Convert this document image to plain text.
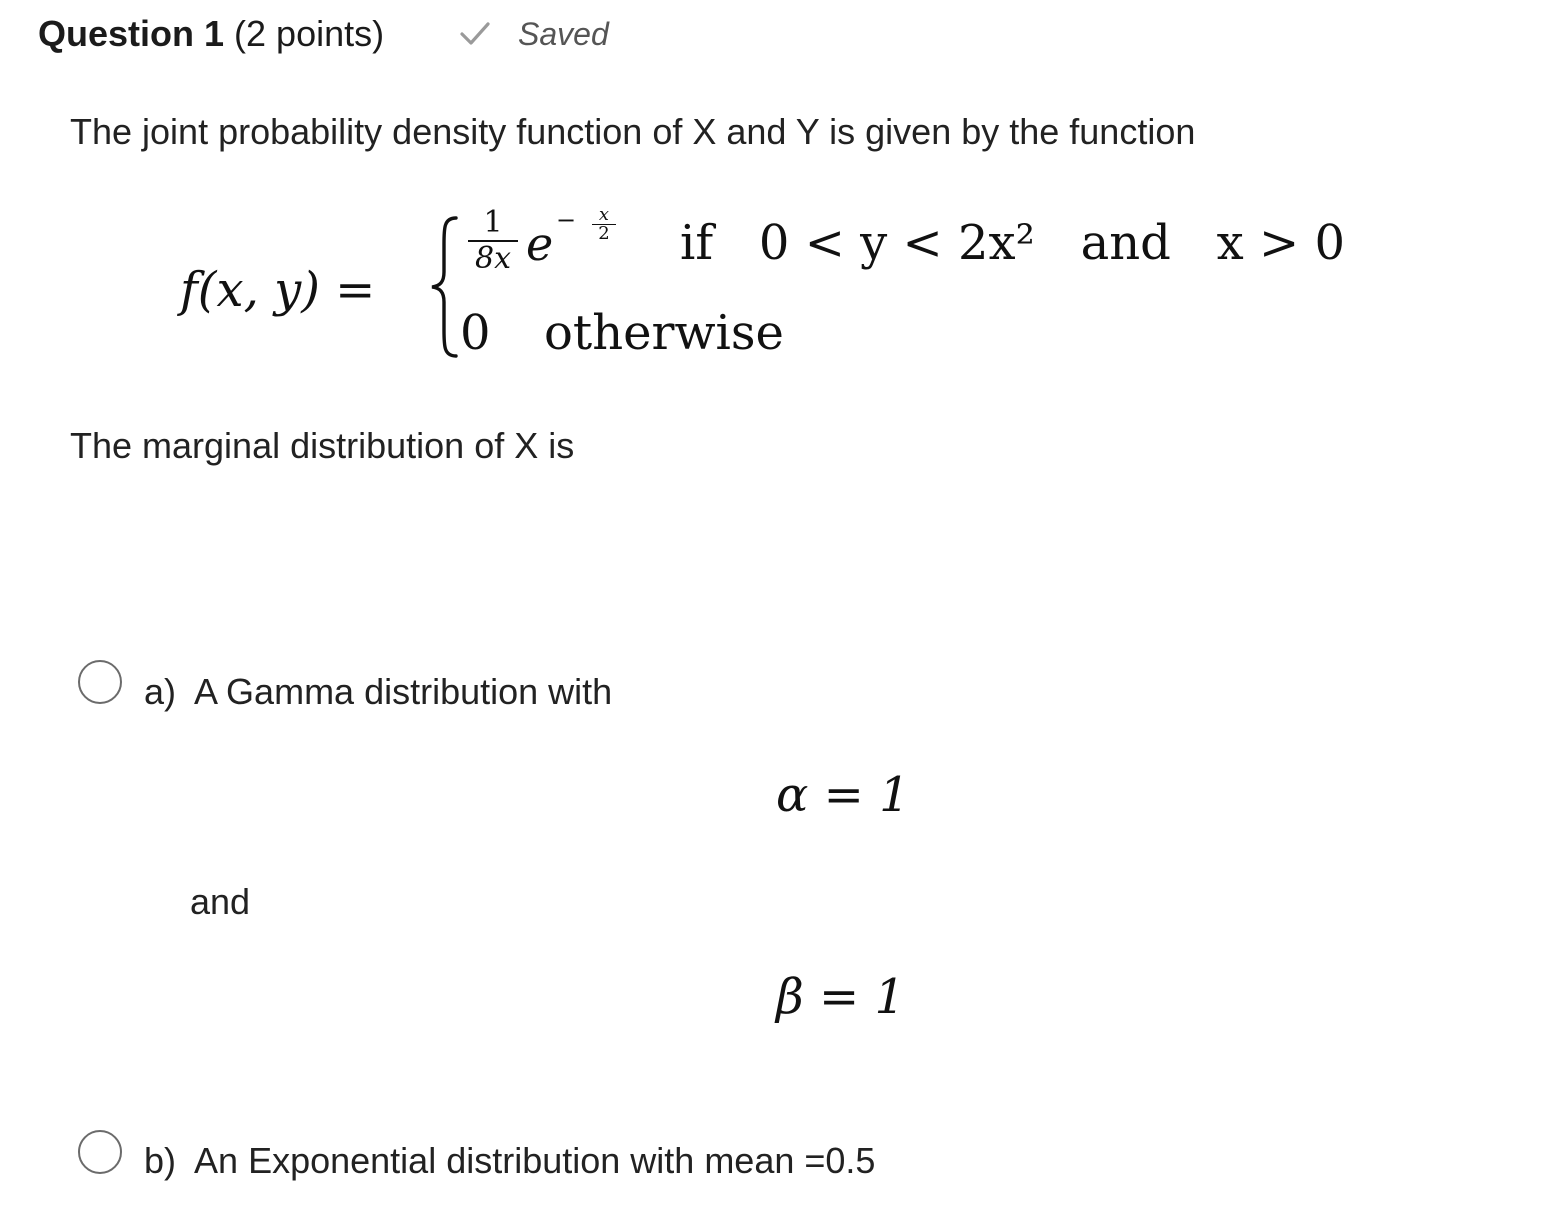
Question 1 (2 points)	Saved
The joint probability density function of X and Y is given by the function
f(x, y) =
1
8x e −	x
2 if   0 < y < 2x²   and   x > 0
0 otherwise
The marginal distribution of X is
a)  A Gamma distribution with
α = 1
and
β = 1
b)  An Exponential distribution with mean =0.5
